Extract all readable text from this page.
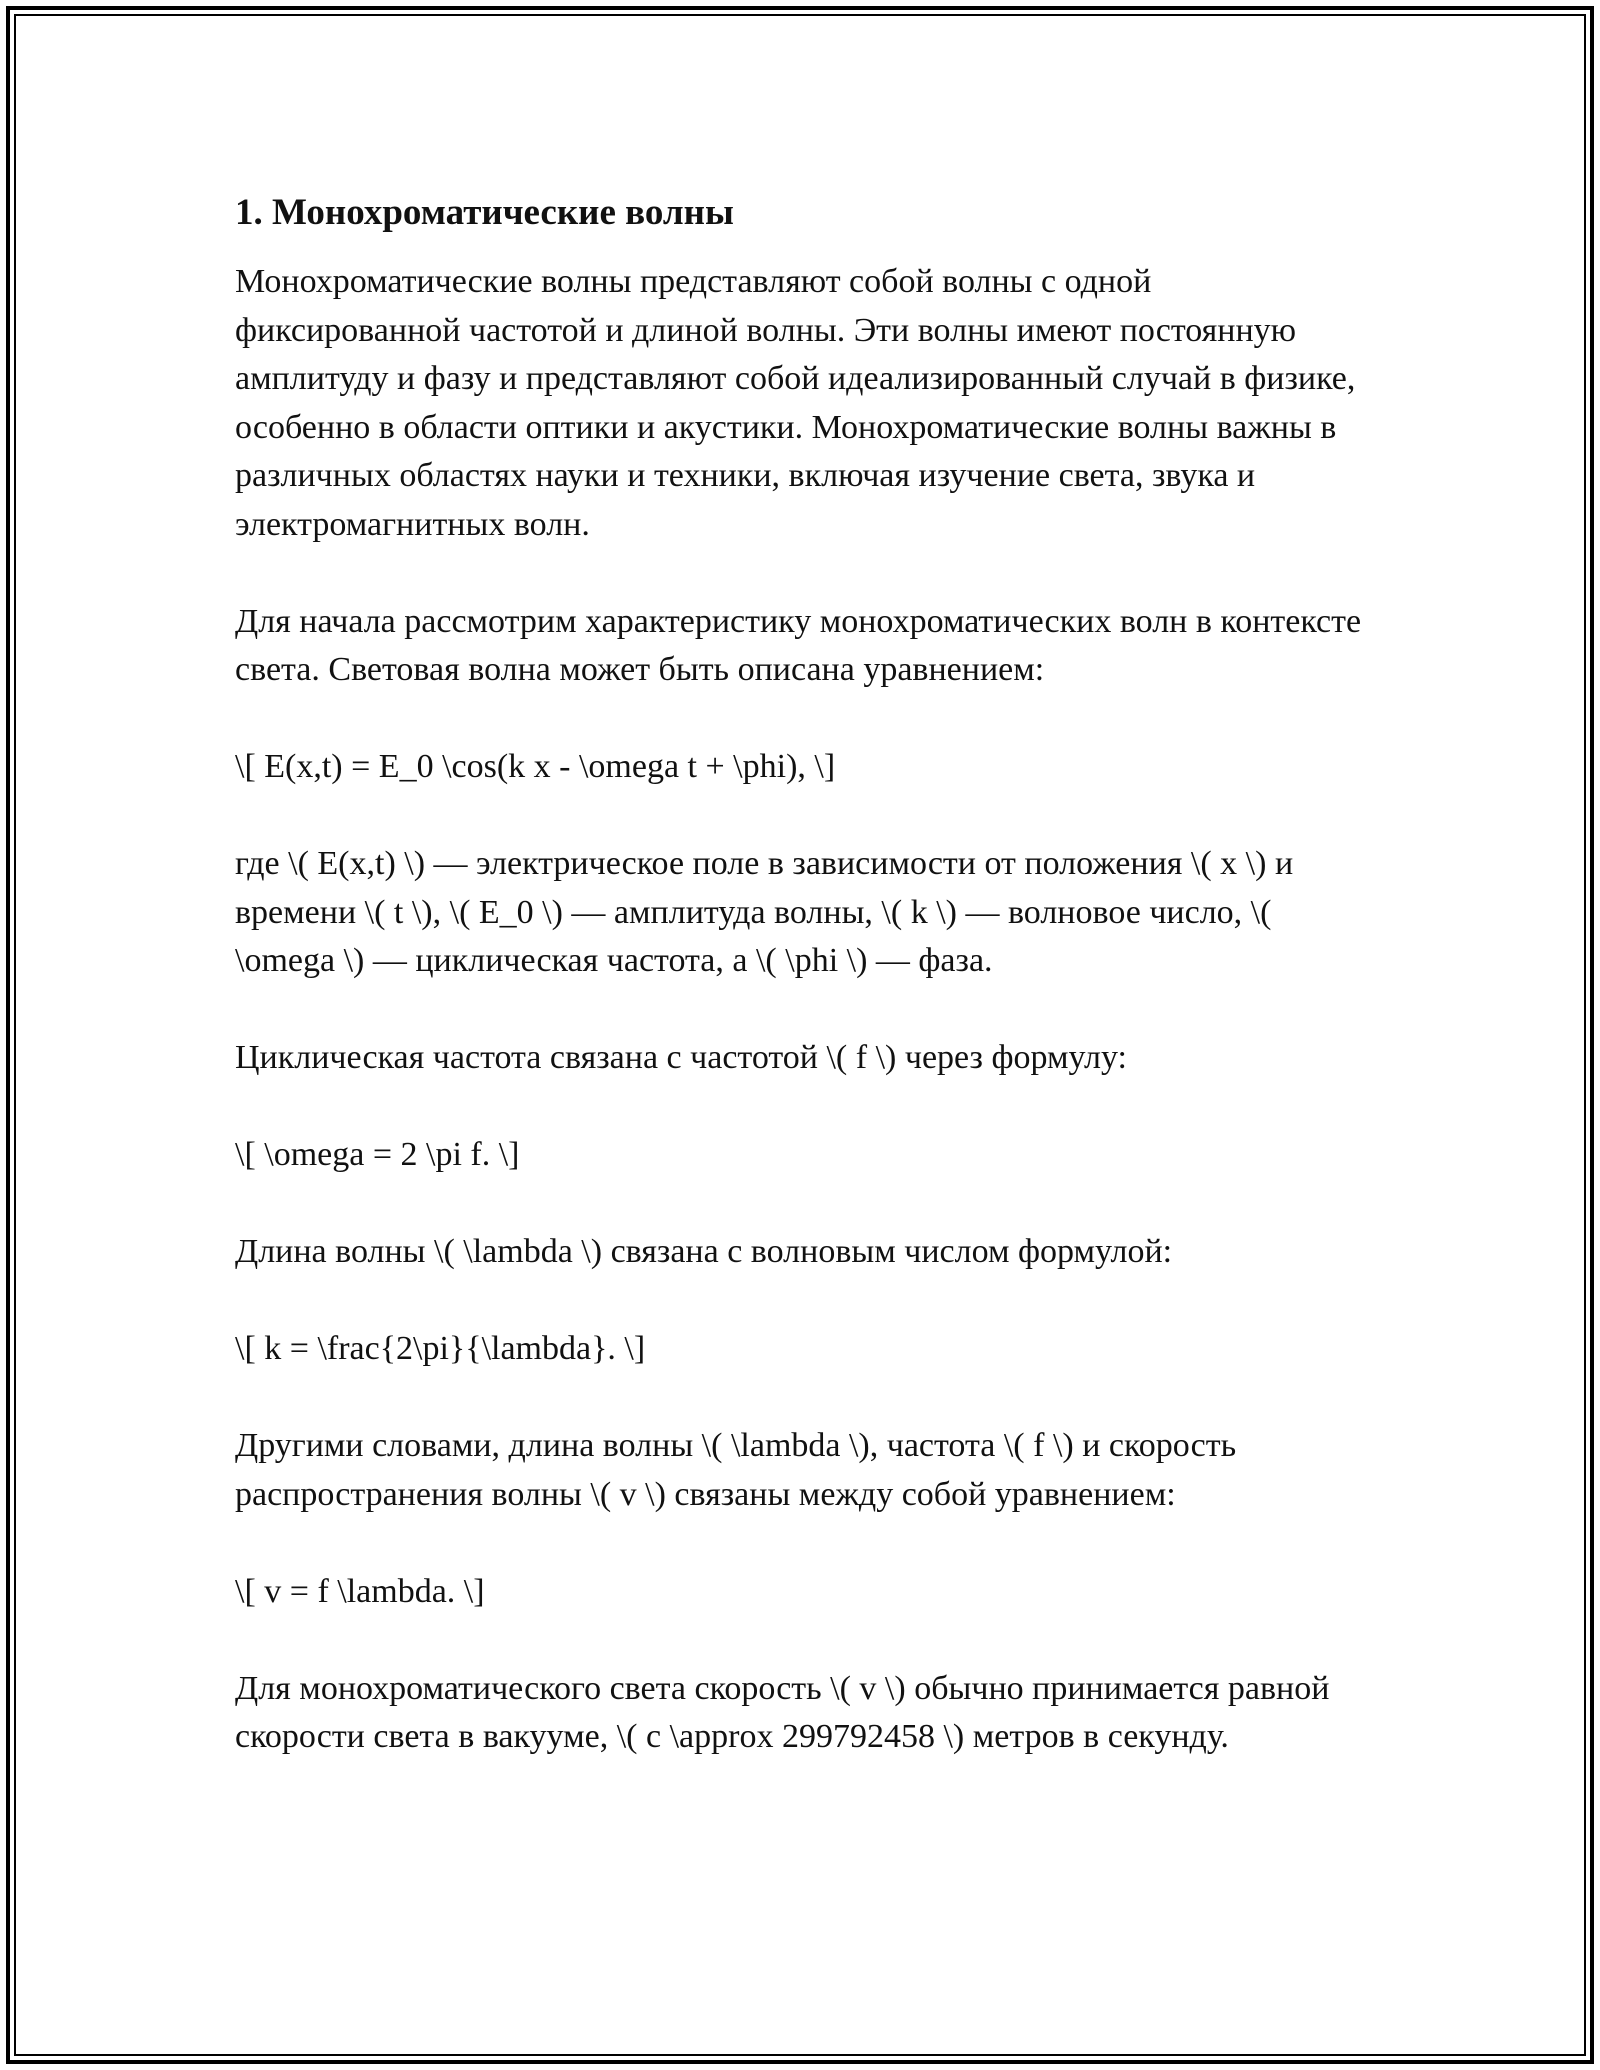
1. Монохроматические волны

Монохроматические волны представляют собой волны с одной фиксированной частотой и длиной волны. Эти волны имеют постоянную амплитуду и фазу и представляют собой идеализированный случай в физике, особенно в области оптики и акустики. Монохроматические волны важны в различных областях науки и техники, включая изучение света, звука и электромагнитных волн.

Для начала рассмотрим характеристику монохроматических волн в контексте света. Световая волна может быть описана уравнением:

\[ E(x,t) = E_0 \cos(k x - \omega t + \phi), \]

где \( E(x,t) \) — электрическое поле в зависимости от положения \( x \) и времени \( t \), \( E_0 \) — амплитуда волны, \( k \) — волновое число, \( \omega \) — циклическая частота, а \( \phi \) — фаза.

Циклическая частота связана с частотой \( f \) через формулу:

\[ \omega = 2 \pi f. \]

Длина волны \( \lambda \) связана с волновым числом формулой:

\[ k = \frac{2\pi}{\lambda}. \]

Другими словами, длина волны \( \lambda \), частота \( f \) и скорость распространения волны \( v \) связаны между собой уравнением:

\[ v = f \lambda. \]

Для монохроматического света скорость \( v \) обычно принимается равной скорости света в вакууме, \( c \approx 299792458 \) метров в секунду.
